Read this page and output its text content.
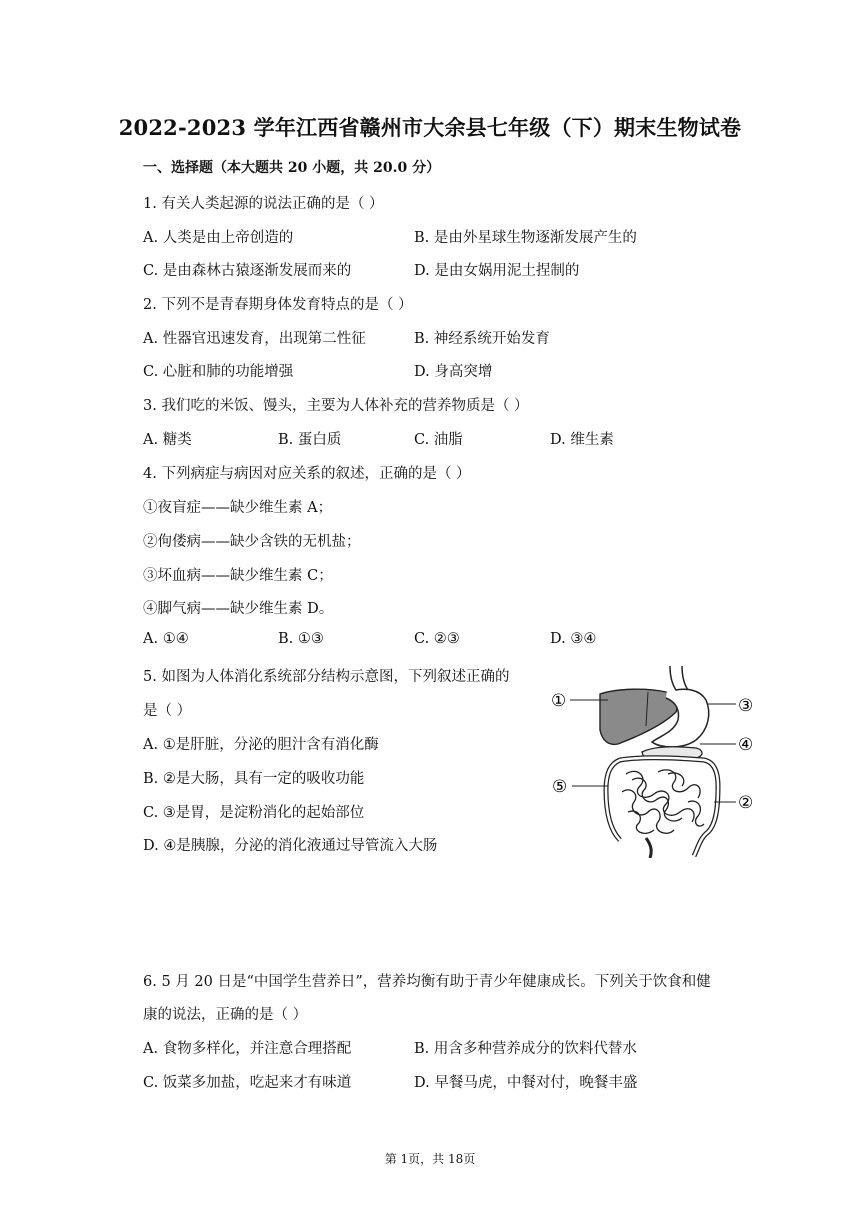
2022-2023 学年江西省赣州市大余县七年级（下）期末生物试卷
一、选择题（本大题共 20 小题，共 20.0 分）
1. 有关人类起源的说法正确的是（ ）
A. 人类是由上帝创造的	B. 是由外星球生物逐渐发展产生的
C. 是由森林古猿逐渐发展而来的	D. 是由女娲用泥土捏制的
2. 下列不是青春期身体发育特点的是（ ）
A. 性器官迅速发育，出现第二性征	B. 神经系统开始发育
C. 心脏和肺的功能增强	D. 身高突增
3. 我们吃的米饭、馒头，主要为人体补充的营养物质是（ ）
A. 糖类	B. 蛋白质	C. 油脂	D. 维生素
4. 下列病症与病因对应关系的叙述，正确的是（ ）
①夜盲症——缺少维生素 A；
②佝偻病——缺少含铁的无机盐；
③坏血病——缺少维生素 C；
④脚气病——缺少维生素 D。
A. ①④	B. ①③	C. ②③	D. ③④
5. 如图为人体消化系统部分结构示意图，下列叙述正确的
是（ ）
A. ①是肝脏，分泌的胆汁含有消化酶
B. ②是大肠，具有一定的吸收功能
C. ③是胃，是淀粉消化的起始部位
D. ④是胰腺，分泌的消化液通过导管流入大肠
①	③
④
⑤
②
6. 5 月 20 日是“中国学生营养日”，营养均衡有助于青少年健康成长。下列关于饮食和健
康的说法，正确的是（ ）
A. 食物多样化，并注意合理搭配	B. 用含多种营养成分的饮料代替水
C. 饭菜多加盐，吃起来才有味道	D. 早餐马虎，中餐对付，晚餐丰盛
第 1页，共 18页
